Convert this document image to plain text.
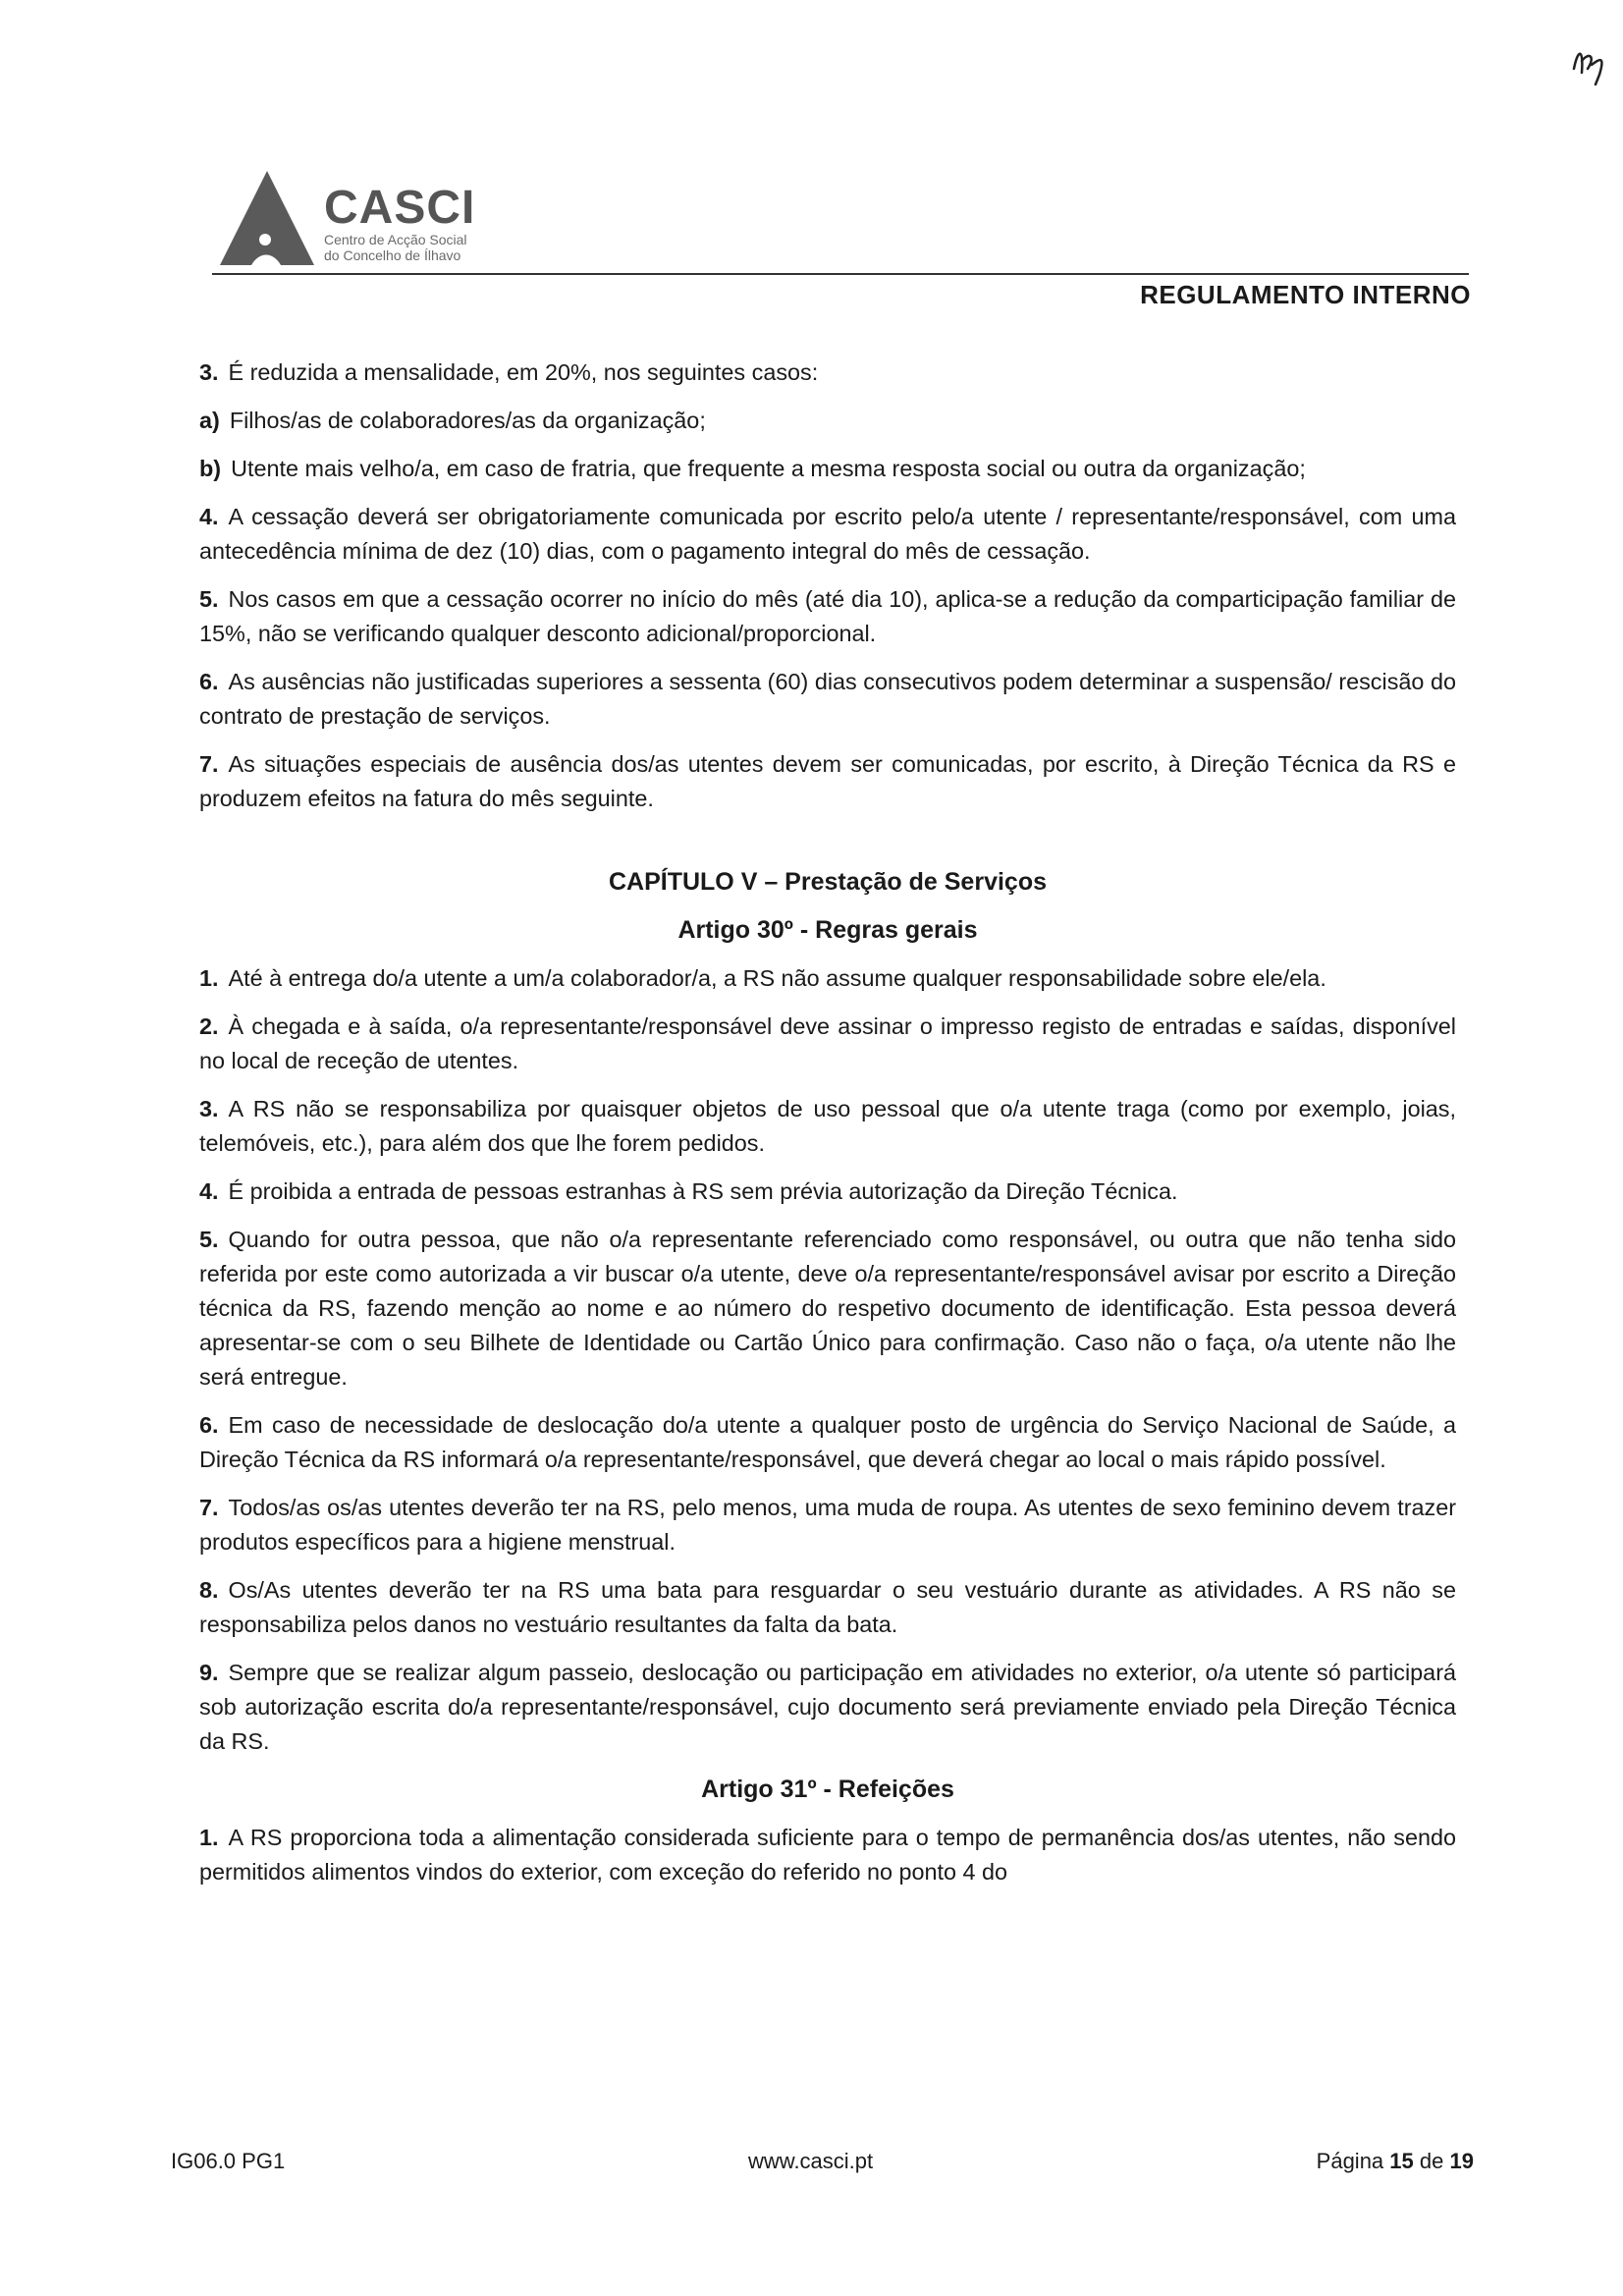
CASCI
Centro de Acção Social
do Concelho de Ílhavo
REGULAMENTO INTERNO

3. É reduzida a mensalidade, em 20%, nos seguintes casos:

a) Filhos/as de colaboradores/as da organização;

b) Utente mais velho/a, em caso de fratria, que frequente a mesma resposta social ou outra da organização;

4. A cessação deverá ser obrigatoriamente comunicada por escrito pelo/a utente / representante/responsável, com uma antecedência mínima de dez (10) dias, com o pagamento integral do mês de cessação.

5. Nos casos em que a cessação ocorrer no início do mês (até dia 10), aplica-se a redução da comparticipação familiar de 15%, não se verificando qualquer desconto adicional/proporcional.

6. As ausências não justificadas superiores a sessenta (60) dias consecutivos podem determinar a suspensão/ rescisão do contrato de prestação de serviços.

7. As situações especiais de ausência dos/as utentes devem ser comunicadas, por escrito, à Direção Técnica da RS e produzem efeitos na fatura do mês seguinte.

CAPÍTULO V – Prestação de Serviços
Artigo 30º - Regras gerais

1. Até à entrega do/a utente a um/a colaborador/a, a RS não assume qualquer responsabilidade sobre ele/ela.

2. À chegada e à saída, o/a representante/responsável deve assinar o impresso registo de entradas e saídas, disponível no local de receção de utentes.

3. A RS não se responsabiliza por quaisquer objetos de uso pessoal que o/a utente traga (como por exemplo, joias, telemóveis, etc.), para além dos que lhe forem pedidos.

4. É proibida a entrada de pessoas estranhas à RS sem prévia autorização da Direção Técnica.

5. Quando for outra pessoa, que não o/a representante referenciado como responsável, ou outra que não tenha sido referida por este como autorizada a vir buscar o/a utente, deve o/a representante/responsável avisar por escrito a Direção técnica da RS, fazendo menção ao nome e ao número do respetivo documento de identificação. Esta pessoa deverá apresentar-se com o seu Bilhete de Identidade ou Cartão Único para confirmação. Caso não o faça, o/a utente não lhe será entregue.

6. Em caso de necessidade de deslocação do/a utente a qualquer posto de urgência do Serviço Nacional de Saúde, a Direção Técnica da RS informará o/a representante/responsável, que deverá chegar ao local o mais rápido possível.

7. Todos/as os/as utentes deverão ter na RS, pelo menos, uma muda de roupa. As utentes de sexo feminino devem trazer produtos específicos para a higiene menstrual.

8. Os/As utentes deverão ter na RS uma bata para resguardar o seu vestuário durante as atividades. A RS não se responsabiliza pelos danos no vestuário resultantes da falta da bata.

9. Sempre que se realizar algum passeio, deslocação ou participação em atividades no exterior, o/a utente só participará sob autorização escrita do/a representante/responsável, cujo documento será previamente enviado pela Direção Técnica da RS.

Artigo 31º - Refeições

1. A RS proporciona toda a alimentação considerada suficiente para o tempo de permanência dos/as utentes, não sendo permitidos alimentos vindos do exterior, com exceção do referido no ponto 4 do

IG06.0 PG1	www.casci.pt	Página 15 de 19
